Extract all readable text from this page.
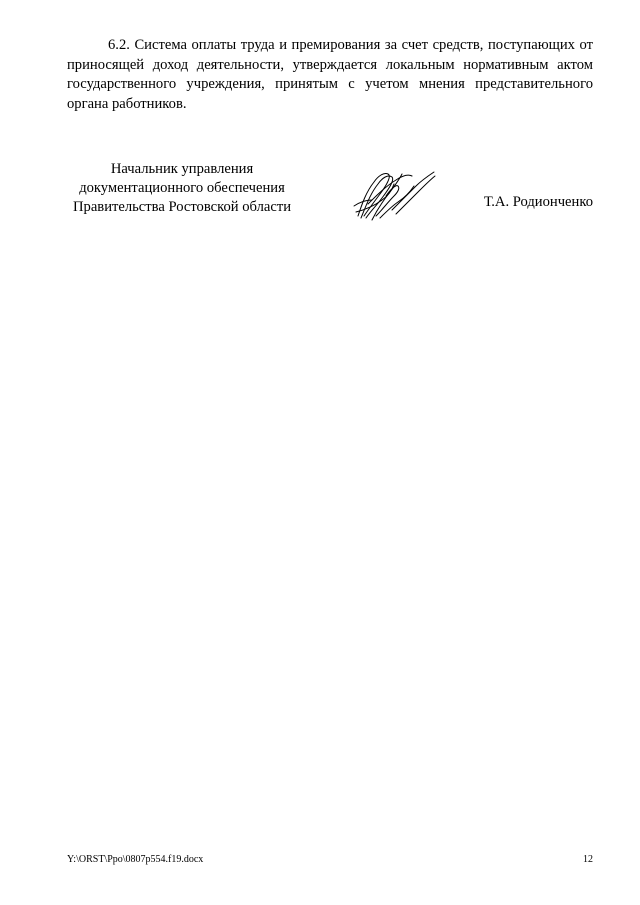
6.2. Система оплаты труда и премирования за счет средств, поступающих от приносящей доход деятельности, утверждается локальным нормативным актом государственного учреждения, принятым с учетом мнения представительного органа работников.

Начальник управления
документационного обеспечения
Правительства Ростовской области	Т.А. Родионченко
Y:\ORST\Ppo\0807p554.f19.docx	12
